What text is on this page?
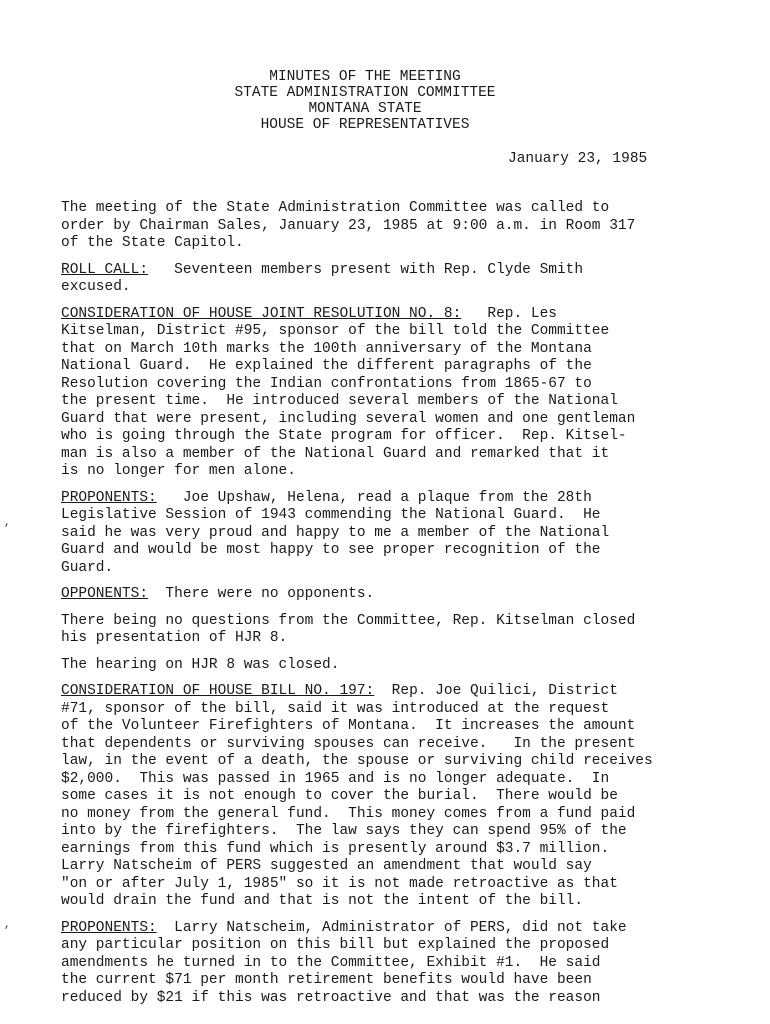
MINUTES OF THE MEETING
STATE ADMINISTRATION COMMITTEE
MONTANA STATE
HOUSE OF REPRESENTATIVES
January 23, 1985
The meeting of the State Administration Committee was called to
order by Chairman Sales, January 23, 1985 at 9:00 a.m. in Room 317
of the State Capitol.
ROLL CALL:   Seventeen members present with Rep. Clyde Smith
excused.
CONSIDERATION OF HOUSE JOINT RESOLUTION NO. 8:   Rep. Les
Kitselman, District #95, sponsor of the bill told the Committee
that on March 10th marks the 100th anniversary of the Montana
National Guard.  He explained the different paragraphs of the
Resolution covering the Indian confrontations from 1865-67 to
the present time.  He introduced several members of the National
Guard that were present, including several women and one gentleman
who is going through the State program for officer.  Rep. Kitsel-
man is also a member of the National Guard and remarked that it
is no longer for men alone.
PROPONENTS:   Joe Upshaw, Helena, read a plaque from the 28th
Legislative Session of 1943 commending the National Guard.  He
said he was very proud and happy to me a member of the National
Guard and would be most happy to see proper recognition of the
Guard.
OPPONENTS:  There were no opponents.
There being no questions from the Committee, Rep. Kitselman closed
his presentation of HJR 8.
The hearing on HJR 8 was closed.
CONSIDERATION OF HOUSE BILL NO. 197:  Rep. Joe Quilici, District
#71, sponsor of the bill, said it was introduced at the request
of the Volunteer Firefighters of Montana.  It increases the amount
that dependents or surviving spouses can receive.   In the present
law, in the event of a death, the spouse or surviving child receives
$2,000.  This was passed in 1965 and is no longer adequate.  In
some cases it is not enough to cover the burial.  There would be
no money from the general fund.  This money comes from a fund paid
into by the firefighters.  The law says they can spend 95% of the
earnings from this fund which is presently around $3.7 million.
Larry Natscheim of PERS suggested an amendment that would say
"on or after July 1, 1985" so it is not made retroactive as that
would drain the fund and that is not the intent of the bill.
PROPONENTS:  Larry Natscheim, Administrator of PERS, did not take
any particular position on this bill but explained the proposed
amendments he turned in to the Committee, Exhibit #1.  He said
the current $71 per month retirement benefits would have been
reduced by $21 if this was retroactive and that was the reason
,
,
